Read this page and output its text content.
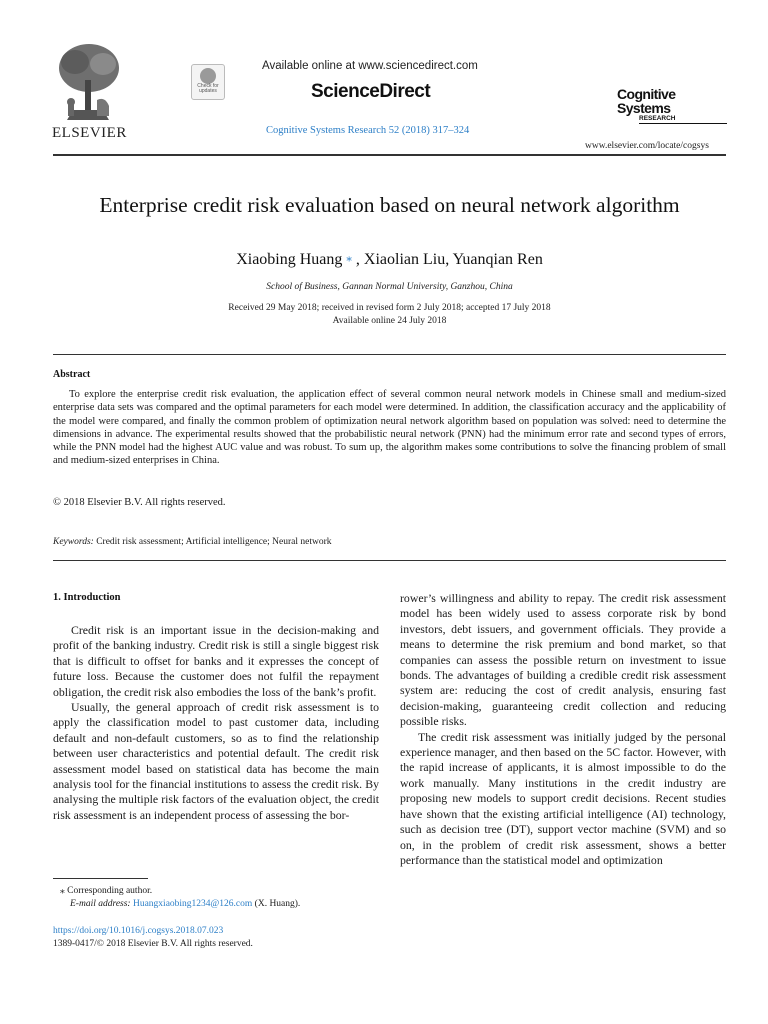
ELSEVIER
Check for updates
Available online at www.sciencedirect.com
ScienceDirect
Cognitive Systems Research 52 (2018) 317–324
Cognitive Systems
RESEARCH
www.elsevier.com/locate/cogsys
Enterprise credit risk evaluation based on neural network algorithm
Xiaobing Huang ⁎ , Xiaolian Liu, Yuanqian Ren
School of Business, Gannan Normal University, Ganzhou, China
Received 29 May 2018; received in revised form 2 July 2018; accepted 17 July 2018
Available online 24 July 2018
Abstract

To explore the enterprise credit risk evaluation, the application effect of several common neural network models in Chinese small and medium-sized enterprise data sets was compared and the optimal parameters for each model were determined. In addition, the classification accuracy and the applicability of the model were compared, and finally the common problem of optimization neural network algorithm based on population was solved: need to determine the dimensions in advance. The experimental results showed that the probabilistic neural network (PNN) had the minimum error rate and second types of errors, while the PNN model had the highest AUC value and was robust. To sum up, the algorithm makes some contributions to solve the financing problem of small and medium-sized enterprises in China.

© 2018 Elsevier B.V. All rights reserved.
Keywords: Credit risk assessment; Artificial intelligence; Neural network
1. Introduction

Credit risk is an important issue in the decision-making and profit of the banking industry. Credit risk is still a single biggest risk that is difficult to offset for banks and it expresses the concept of future loss. Because the customer does not fulfil the repayment obligation, the credit risk also embodies the loss of the bank’s profit.

Usually, the general approach of credit risk assessment is to apply the classification model to past customer data, including default and non-default customers, so as to find the relationship between user characteristics and potential default. The credit risk assessment model based on statistical data has become the main analysis tool for the financial institutions to assess the credit risk. By analysing the multiple risk factors of the evaluation object, the credit risk assessment is an independent process of assessing the bor-

rower’s willingness and ability to repay. The credit risk assessment model has been widely used to assess corporate risk by bond investors, debt issuers, and government officials. They provide a means to determine the risk premium and bond market, so that companies can assess the possible return on investment to issue bonds. The advantages of building a credible credit risk assessment system are: reducing the cost of credit analysis, ensuring fast decision-making, guaranteeing credit collection and reducing possible risks.

The credit risk assessment was initially judged by the personal experience manager, and then based on the 5C factor. However, with the rapid increase of applicants, it is almost impossible to do the work manually. Many institutions in the credit industry are proposing new models to support credit decisions. Recent studies have shown that the existing artificial intelligence (AI) technology, such as decision tree (DT), support vector machine (SVM) and so on, in the problem of credit risk assessment, shows a better performance than the statistical model and optimization

⁎ Corresponding author.
E-mail address: Huangxiaobing1234@126.com (X. Huang).
https://doi.org/10.1016/j.cogsys.2018.07.023
1389-0417/© 2018 Elsevier B.V. All rights reserved.
